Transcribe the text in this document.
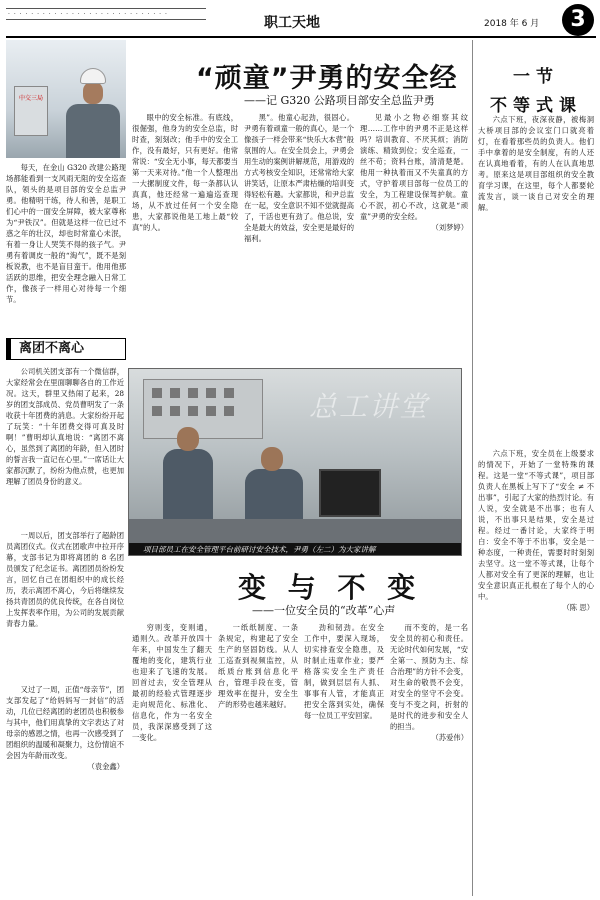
· · · · · · · · · · · · · · · · · · · · · · · · · · · ·
职工天地	2018 年 6 月	3
中交三局
“顽童”尹勇的安全经
——记 G320 公路项目部安全总监尹勇

每天，在金山 G320 改建公路现场都能看到一支风雨无阻的安全巡查队，领头的是项目部的安全总监尹勇。他精明干练，待人和善，是职工们心中的一面安全屏障，被大家尊称为“尹铁汉”。但就是这样一位已过不惑之年的壮汉，却也时常童心未泯，有着一身让人哭笑不得的孩子气。尹勇有着调皮一般的“淘气”，既不是刻板说教，也不是盲目蛮干。他用他那活跃的思维，把安全理念融入日常工作，像孩子一样用心对待每一个细节。

眼中的安全标准。有底线，很倔强，他身为的安全总监，时时查，刻刻改；他手中的安全工作，没有最好，只有更好。他常常说：“安全无小事，每天都要当第一天来对待。”他一个人整理出一大摞制度文件，每一条都认认真真，他还经常一遍遍巡查现场，从不放过任何一个安全隐患，大家都说他是工地上最“较真”的人。

黑”。他童心起劲，很固心。尹勇有着顽童一般的真心，是一个像孩子一样会带来“快乐大本营”般氛围的人。在安全员会上，尹勇会用生动的案例讲解规范，用游戏的方式考核安全知识，还常常给大家讲笑话，让原本严肃枯燥的培训变得轻松有趣。大家都说，和尹总监在一起，安全意识不知不觉就提高了，干活也更有劲了。他总说，安全是最大的效益，安全更是最好的福利。

见最小之物必细察其纹理……工作中的尹勇不正是这样吗？培训教育、不厌其烦；消防演练、精致到位；安全巡查，一丝不苟；资料台账，清清楚楚。他用一种执着而又不失童真的方式，守护着项目部每一位员工的安全，为工程建设保驾护航。童心不泯，初心不改，这就是“顽童”尹勇的安全经。

（刘梦婷）
离团不离心

公司机关团支部有一个微信群，大家经常会在里面聊聊各自的工作近况。这天，群里又热闹了起来，28 岁的团支部成员、党员曹明发了一条收获十年团费的消息。大家纷纷开起了玩笑：“十年团费交得可真及时啊！”曹明却认真地说：“离团不离心，虽然到了离团的年龄，但入团时的誓言我一直记在心里。”一席话让大家都沉默了，纷纷为他点赞，也更加理解了团员身份的意义。

一周以后，团支部举行了超龄团员离团仪式。仪式在团歌声中拉开序幕，支部书记为即将离团的 8 名团员颁发了纪念证书。离团团员纷纷发言，回忆自己在团组织中的成长经历，表示离团不离心，今后将继续发扬共青团员的优良传统，在各自岗位上发挥表率作用，为公司的发展贡献青春力量。

又过了一周，正值“母亲节”，团支部发起了“给妈妈写一封信”的活动，几位已经离团的老团员也积极参与其中，他们用真挚的文字表达了对母亲的感恩之情，也再一次感受到了团组织的温暖和凝聚力，这份情谊不会因为年龄而改变。

（袁金鑫）
总工讲堂
项目部员工在安全管理平台前研讨安全技术，尹勇（左二）为大家讲解
变 与 不 变
——一位安全员的“改革”心声

穷则变，变则通，通则久。改革开放四十年来，中国发生了翻天覆地的变化，建筑行业也迎来了飞速的发展。回首过去，安全管理从最初的经验式管理逐步走向规范化、标准化、信息化，作为一名安全员，我深深感受到了这一变化。

一纸纸制度、一条条规定，构建起了安全生产的坚固防线。从人工巡查到视频监控，从纸质台账到信息化平台，管理手段在变，管理效率在提升，安全生产的形势也越来越好。

劲和韧劲。在安全工作中，要深入现场，切实排查安全隐患，及时制止违章作业；要严格落实安全生产责任制，做到层层有人抓、事事有人管，才能真正把安全落到实处，确保每一位员工平安回家。

而不变的，是一名安全员的初心和责任。无论时代如何发展，“安全第一、预防为主、综合治理”的方针不会变，对生命的敬畏不会变，对安全的坚守不会变。变与不变之间，折射的是时代的进步和安全人的担当。

（苏爱伟）
一节
不等式课

六点下班，夜深夜静，被梅洞大桥项目部的会议室门口就亮着灯，在看着那些员的负责人。他们手中拿着的是安全制度，有的人还在认真地看着，有的人在认真地思考。原来这是项目部组织的安全教育学习课，在这里，每个人都要轮流发言，谈一谈自己对安全的理解。

六点下班，安全员在上级要求的情况下，开始了一堂特殊的课程。这是一堂“不等式课”，项目部负责人在黑板上写下了“安全 ≠ 不出事”，引起了大家的热烈讨论。有人说，安全就是不出事；也有人说，不出事只是结果，安全是过程。经过一番讨论，大家终于明白：安全不等于不出事，安全是一种态度，一种责任，需要时时刻刻去坚守。这一堂不等式课，让每个人都对安全有了更深的理解，也让安全意识真正扎根在了每个人的心中。

（陈 思）
